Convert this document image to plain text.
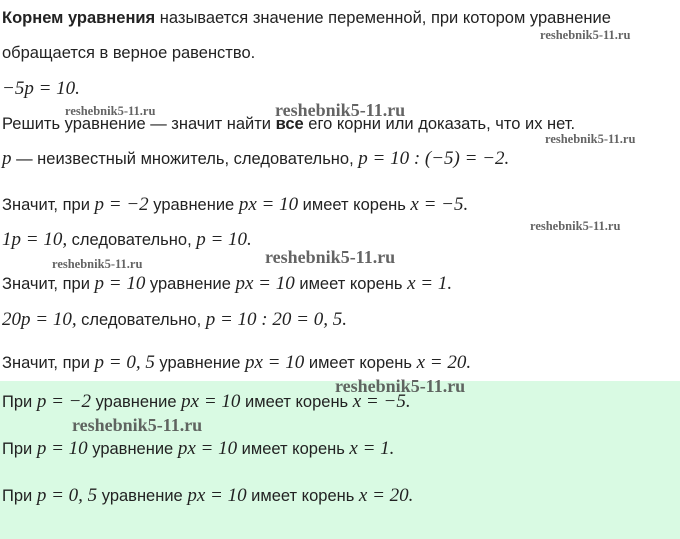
Корнем уравнения называется значение переменной, при котором уравнение
обращается в верное равенство.
−5p = 10.
Решить уравнение — значит найти все его корни или доказать, что их нет.
p — неизвестный множитель, следовательно, p = 10 : (−5) = −2.
Значит, при p = −2 уравнение px = 10 имеет корень x = −5.
1p = 10, следовательно, p = 10.
Значит, при p = 10 уравнение px = 10 имеет корень x = 1.
20p = 10, следовательно, p = 10 : 20 = 0, 5.
Значит, при p = 0, 5 уравнение px = 10 имеет корень x = 20.
При p = −2 уравнение px = 10 имеет корень x = −5.
При p = 10 уравнение px = 10 имеет корень x = 1.
При p = 0, 5 уравнение px = 10 имеет корень x = 20.
reshebnik5-11.ru
reshebnik5-11.ru	reshebnik5-11.ru
reshebnik5-11.ru
reshebnik5-11.ru
reshebnik5-11.ru	reshebnik5-11.ru
reshebnik5-11.ru
reshebnik5-11.ru
